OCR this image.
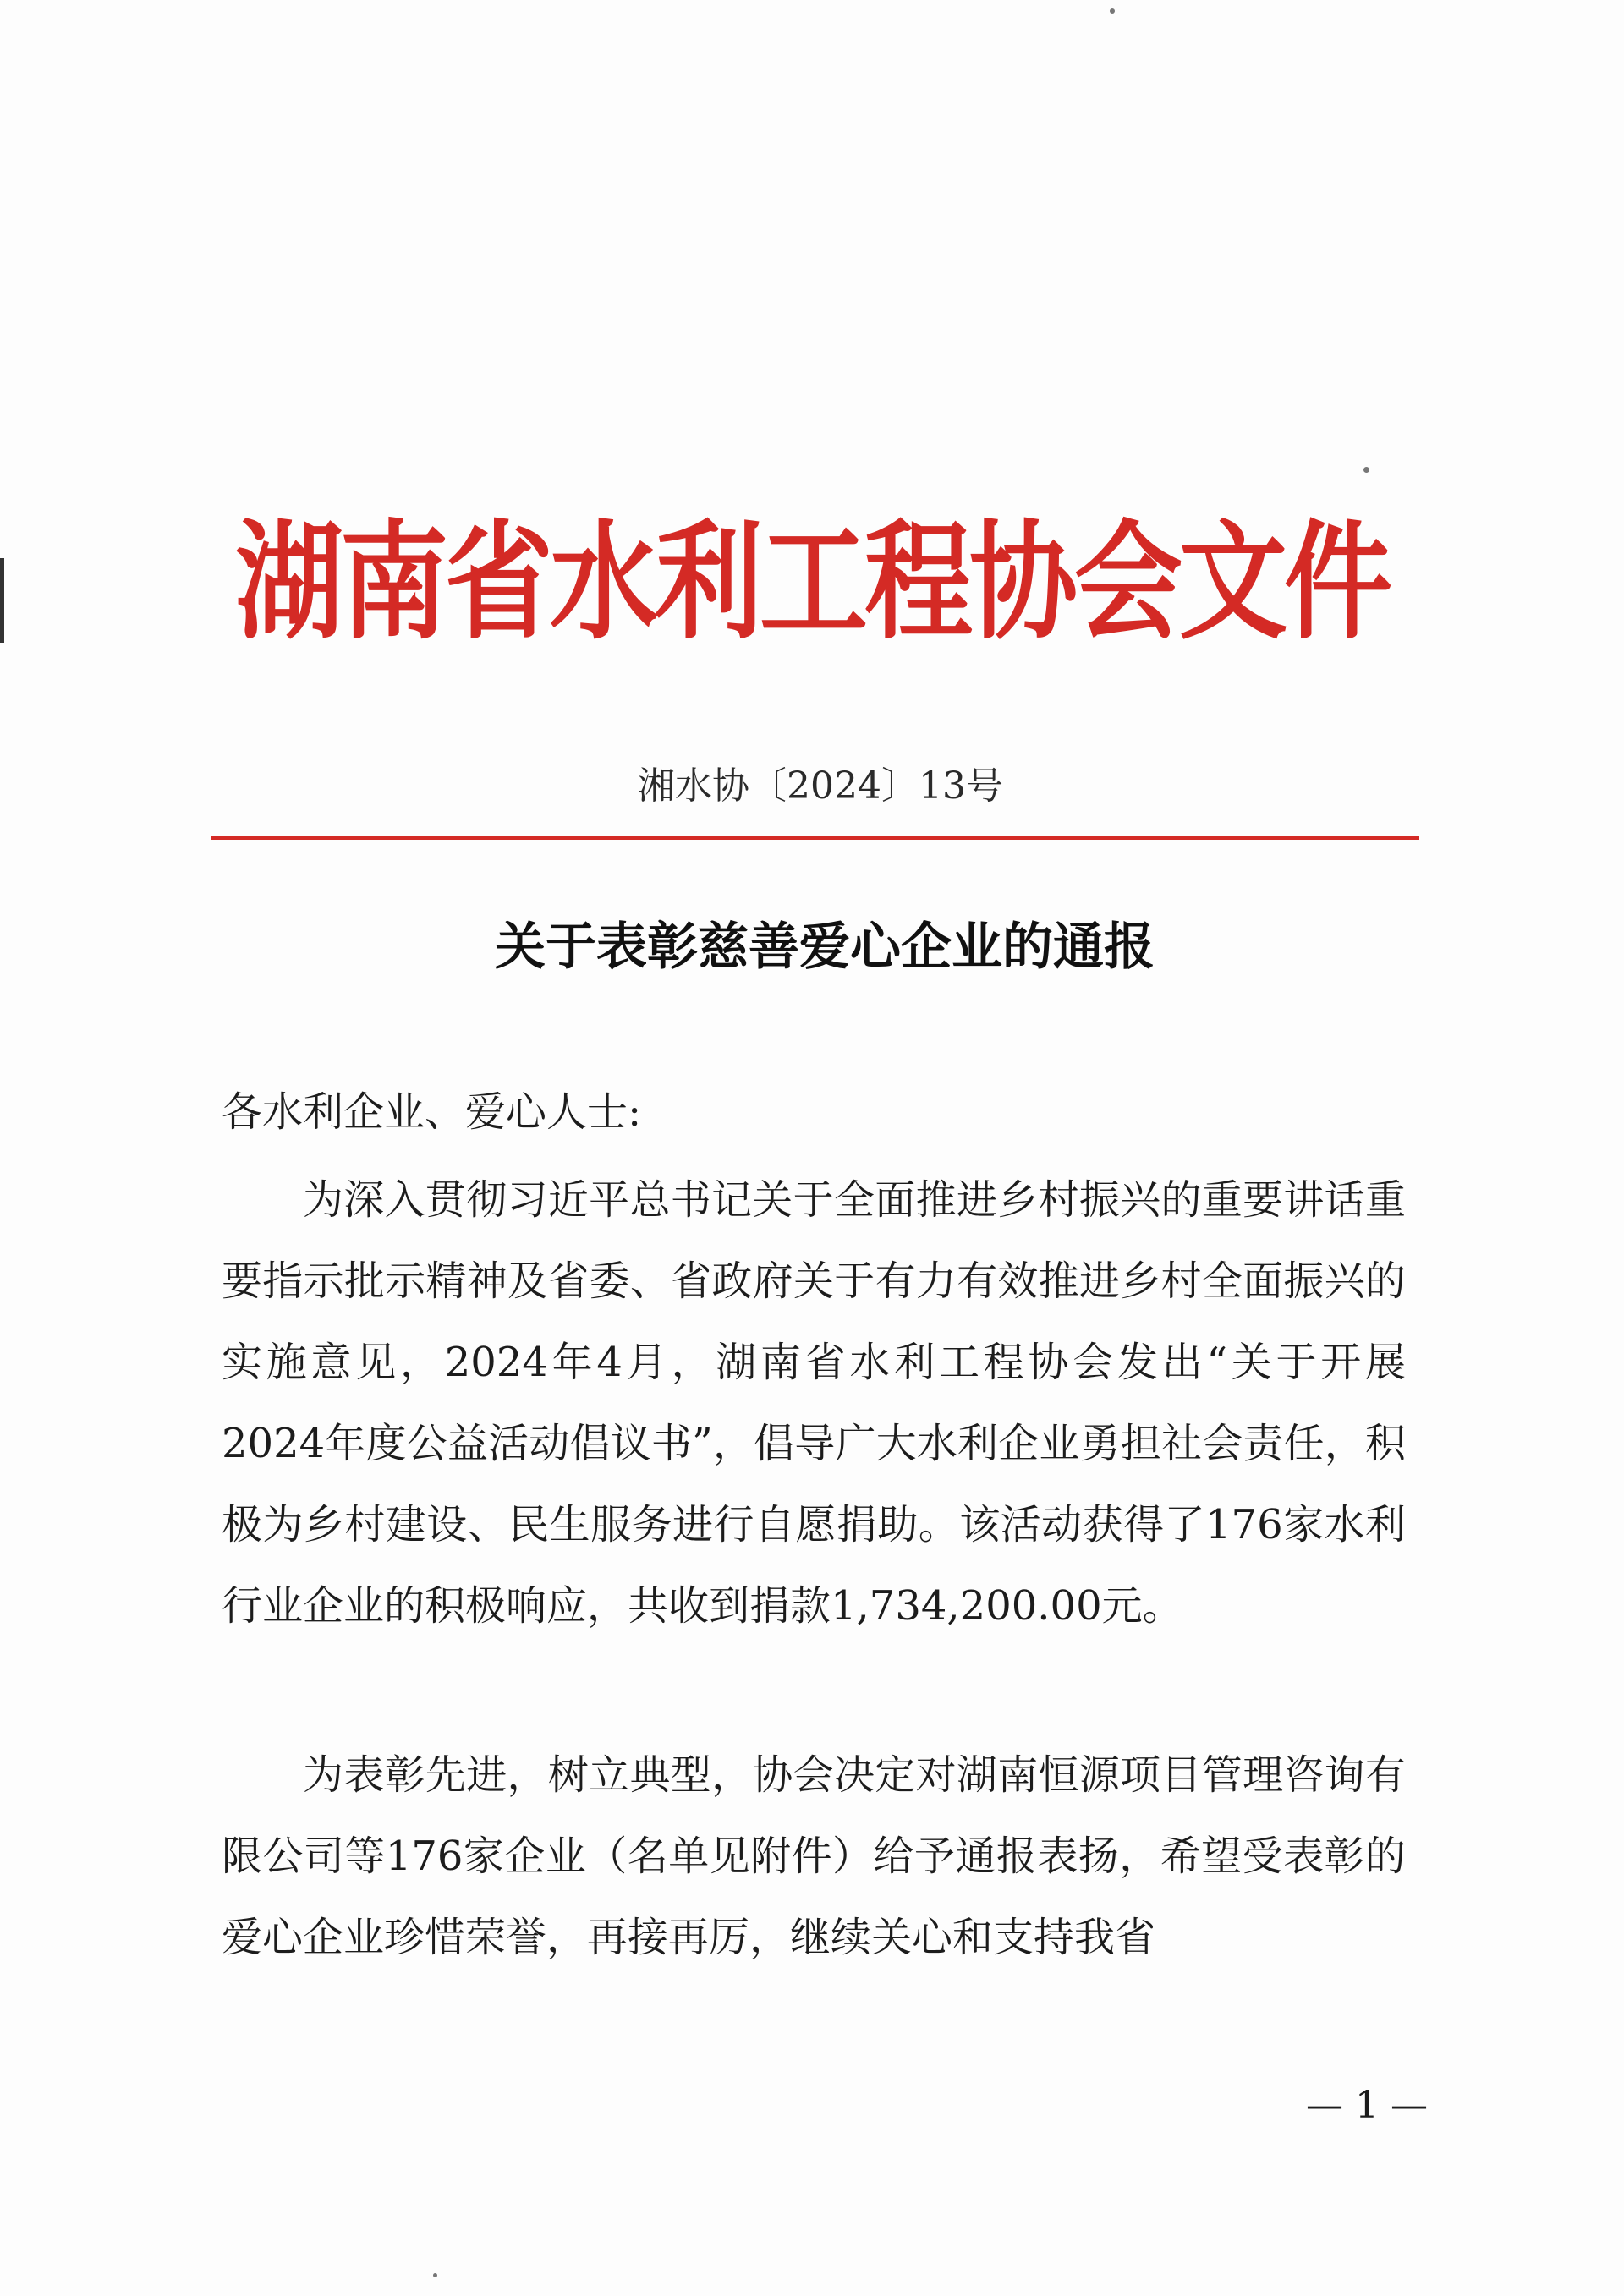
湖南省水利工程协会文件
湘水协〔2024〕13号
关于表彰慈善爱心企业的通报
各水利企业、爱心人士:

为深入贯彻习近平总书记关于全面推进乡村振兴的重要讲话重要指示批示精神及省委、省政府关于有力有效推进乡村全面振兴的实施意见，2024年4月，湖南省水利工程协会发出“关于开展2024年度公益活动倡议书”，倡导广大水利企业勇担社会责任，积极为乡村建设、民生服务进行自愿捐助。该活动获得了176家水利行业企业的积极响应，共收到捐款1,734,200.00元。

为表彰先进，树立典型，协会决定对湖南恒源项目管理咨询有限公司等176家企业（名单见附件）给予通报表扬，希望受表彰的爱心企业珍惜荣誉，再接再厉，继续关心和支持我省

— 1 —
